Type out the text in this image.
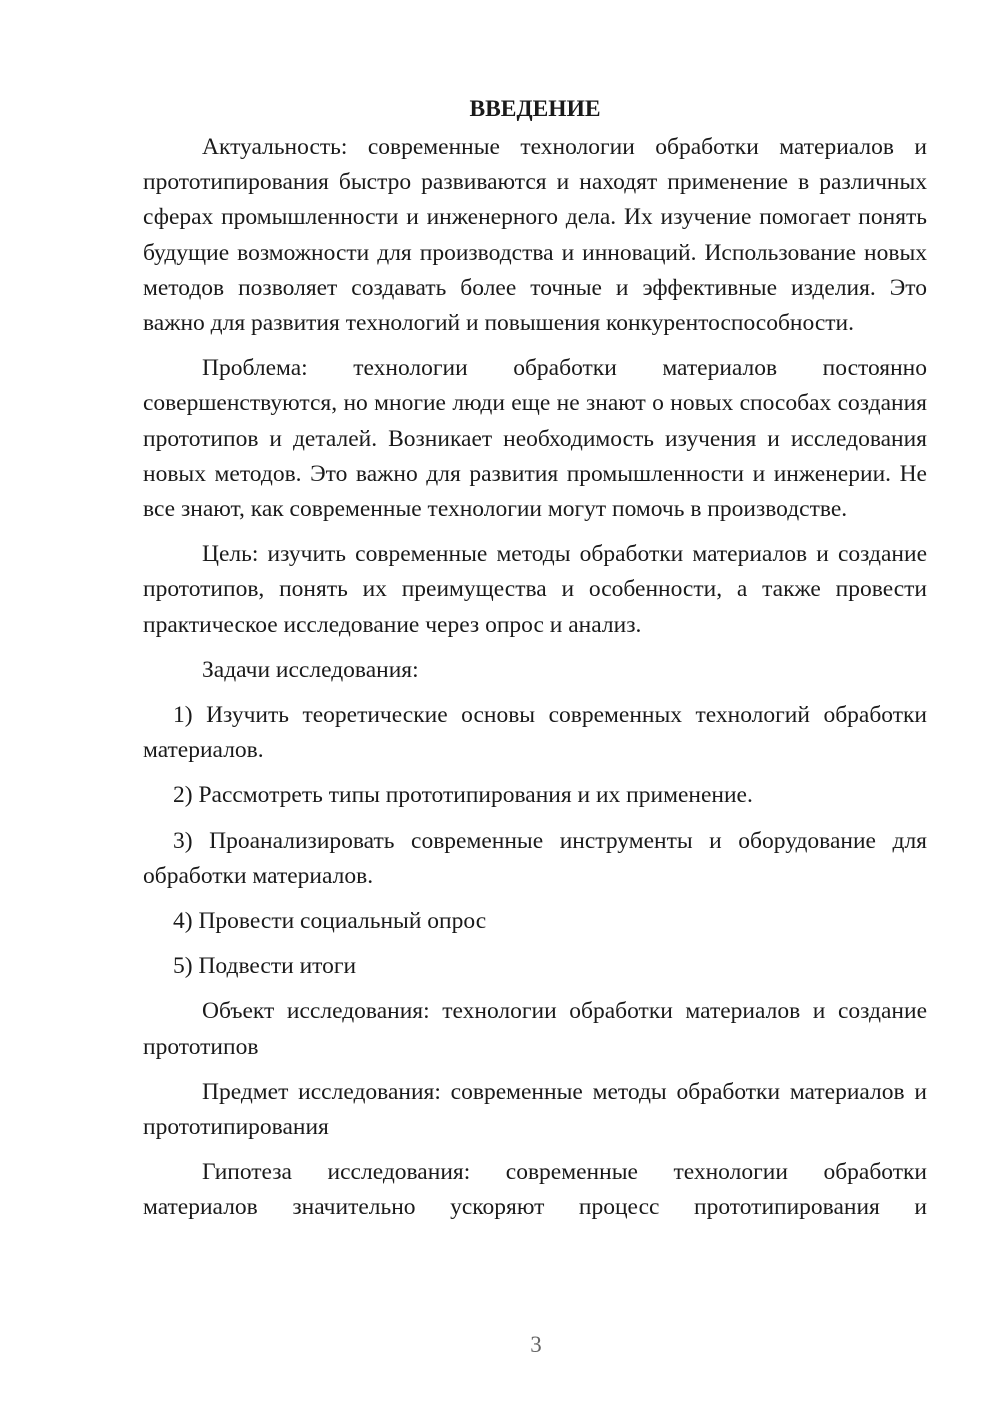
ВВЕДЕНИЕ

Актуальность: современные технологии обработки материалов и прототипирования быстро развиваются и находят применение в различных сферах промышленности и инженерного дела. Их изучение помогает понять будущие возможности для производства и инноваций. Использование новых методов позволяет создавать более точные и эффективные изделия. Это важно для развития технологий и повышения конкурентоспособности.

Проблема: технологии обработки материалов постоянно совершенствуются, но многие люди еще не знают о новых способах создания прототипов и деталей. Возникает необходимость изучения и исследования новых методов. Это важно для развития промышленности и инженерии. Не все знают, как современные технологии могут помочь в производстве.

Цель: изучить современные методы обработки материалов и создание прототипов, понять их преимущества и особенности, а также провести практическое исследование через опрос и анализ.

Задачи исследования:

1) Изучить теоретические основы современных технологий обработки материалов.

2) Рассмотреть типы прототипирования и их применение.

3) Проанализировать современные инструменты и оборудование для обработки материалов.

4) Провести социальный опрос

5) Подвести итоги

Объект исследования: технологии обработки материалов и создание прототипов

Предмет исследования: современные методы обработки материалов и прототипирования

Гипотеза исследования: современные технологии обработки материалов значительно ускоряют процесс прототипирования и

3
